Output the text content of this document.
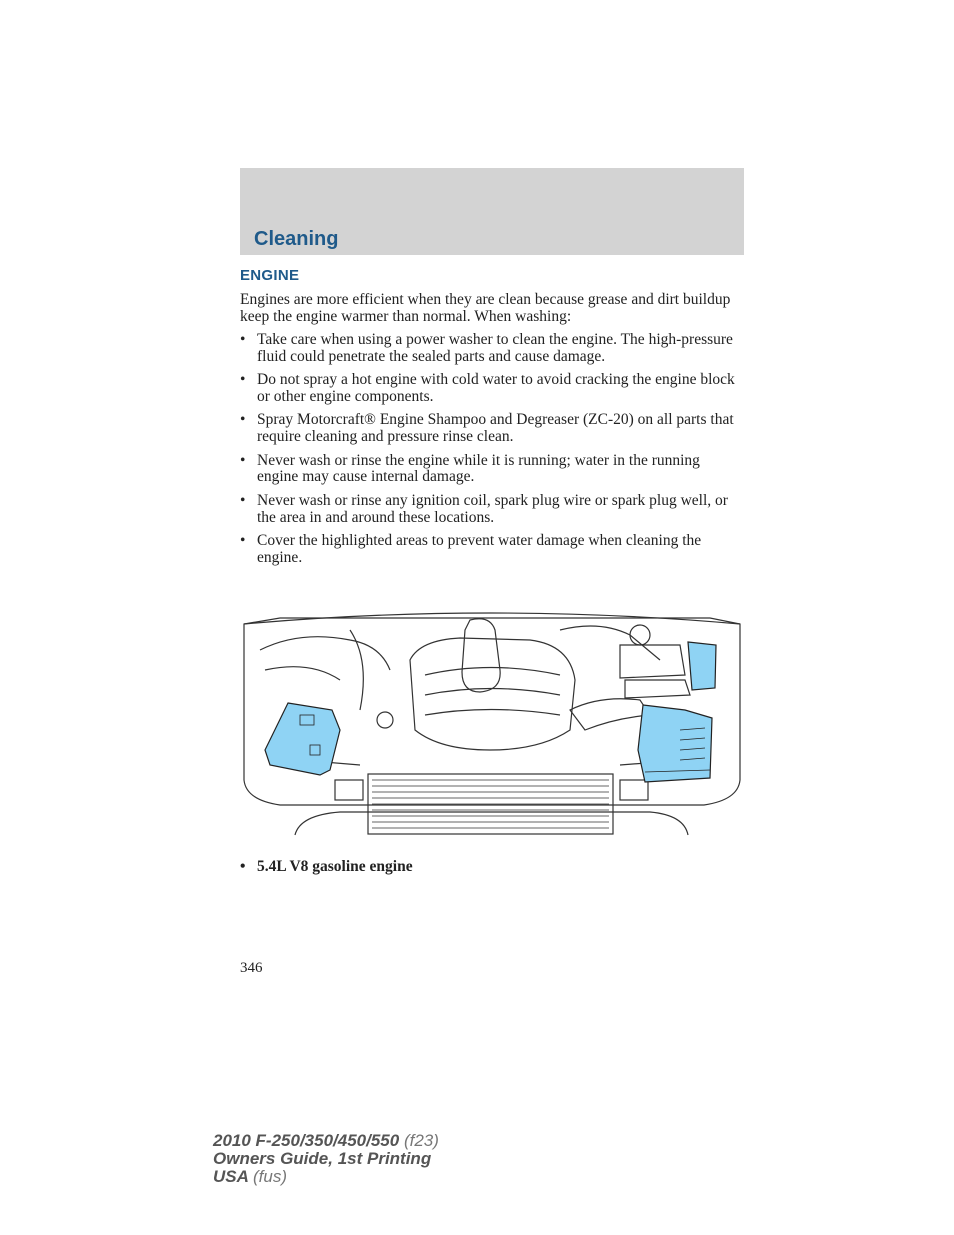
Cleaning
ENGINE
Engines are more efficient when they are clean because grease and dirt buildup keep the engine warmer than normal. When washing:
• Take care when using a power washer to clean the engine. The high-pressure fluid could penetrate the sealed parts and cause damage.
• Do not spray a hot engine with cold water to avoid cracking the engine block or other engine components.
• Spray Motorcraft® Engine Shampoo and Degreaser (ZC-20) on all parts that require cleaning and pressure rinse clean.
• Never wash or rinse the engine while it is running; water in the running engine may cause internal damage.
• Never wash or rinse any ignition coil, spark plug wire or spark plug well, or the area in and around these locations.
• Cover the highlighted areas to prevent water damage when cleaning the engine.
• 5.4L V8 gasoline engine
346
2010 F-250/350/450/550 (f23)
Owners Guide, 1st Printing
USA (fus)
